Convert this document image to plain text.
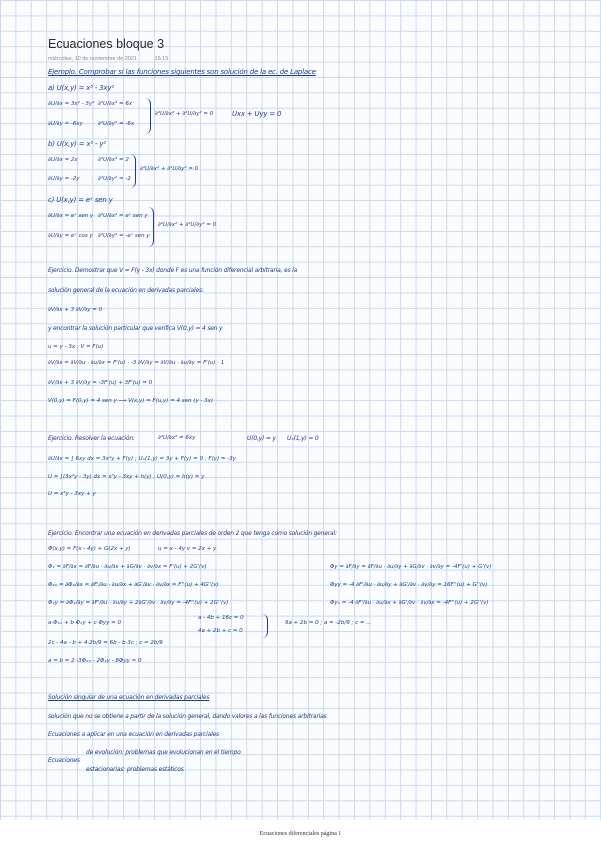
Ecuaciones bloque 3
miércoles, 10 de noviembre de 2021	15:15
Ejemplo. Comprobar si las funciones siguientes son solución de la ec. de Laplace
a) U(x,y) = x³ - 3xy²
∂U/∂x = 3x² - 3y² ∂²U/∂x² = 6x
∂U/∂y = -6xy	∂²U/∂y² = -6x
∂²U/∂x² + ∂²U/∂y² = 0	Uxx + Uyy = 0
b) U(x,y) = x² - y²
∂U/∂x = 2x	∂²U/∂x² = 2
∂U/∂y = -2y	∂²U/∂y² = -2
∂²U/∂x² + ∂²U/∂y² = 0
c) U(x,y) = eˣ sen y
∂U/∂x = eˣ sen y ∂²U/∂x² = eˣ sen y
∂U/∂y = eˣ cos y ∂²U/∂y² = -eˣ sen y
∂²U/∂x² + ∂²U/∂y² = 0
Ejercicio. Demostrar que V = F(y - 3x) donde F es una función diferencial arbitraria, es la
solución general de la ecuación en derivadas parciales:
∂V/∂x + 3 ∂V/∂y = 0
y encontrar la solución particular que verifica V(0,y) = 4 sen y
u = y - 3x ; V = F(u)
∂V/∂x = ∂V/∂u · ∂u/∂x = F'(u) · -3 ∂V/∂y = ∂V/∂u · ∂u/∂y = F'(u) · 1
∂V/∂x + 3 ∂V/∂y = -3F'(u) + 3F'(u) = 0
V(0,y) = F(0,y) = 4 sen y ⟶ V(x,y) = F(u,y) = 4 sen (y - 3x)
Ejercicio. Resolver la ecuación:	∂²U/∂x² = 6xy	U(0,y) = y Uₓ(1,y) = 0
∂U/∂x = ∫ 6xy dx = 3x²y + F(y) ; Uₓ(1,y) = 3y + F(y) = 0 ; F(y) = -3y
U = ∫(3x²y - 3y) dx = x³y - 3xy + h(y) ; U(0,y) = h(y) = y
U = x³y - 3xy + y
Ejercicio. Encontrar una ecuación en derivadas parciales de orden 2 que tenga como solución general:
Φ(x,y) = F(x - 4y) + G(2x + y)	u = x - 4y v = 2x + y
Φₓ = ∂F/∂x = ∂F/∂u · ∂u/∂x + ∂G/∂v · ∂v/∂x = F'(u) + 2G'(v)	Φy = ∂F/∂y = ∂F/∂u · ∂u/∂y + ∂G/∂v · ∂v/∂y = -4F'(u) + G'(v)
Φₓₓ = ∂Φₓ/∂x = ∂F'/∂u · ∂u/∂x + ∂G'/∂v · ∂v/∂x = F''(u) + 4G''(v)	Φyy = -4 ∂F'/∂u · ∂u/∂y + ∂G'/∂v · ∂v/∂y = 16F''(u) + G''(v)
Φₓy = ∂Φₓ/∂y = ∂F'/∂u · ∂u/∂y + 2∂G'/∂v · ∂v/∂y = -4F''(u) + 2G''(v)	Φyₓ = -4 ∂F'/∂u · ∂u/∂x + ∂G'/∂v · ∂v/∂x = -4F''(u) + 2G''(v)
a·Φₓₓ + b·Φₓy + c·Φyy = 0
a - 4b + 16c = 0
4a + 2b + c = 0
9a + 2b = 0 ; a = -2b/9 ; c = ...
2c - 4a - b + 4·2b/9 = 6b - b·3c ; c = 2b/9
a = b = 2 -3Φₓₓ - 2Φₓy - 8Φyy = 0
Solución singular de una ecuación en derivadas parciales
solución que no se obtiene a partir de la solución general, dando valores a las funciones arbitrarias
Ecuaciones a aplicar en una ecuación en derivadas parciales
Ecuaciones
de evolución: problemas que evolucionan en el tiempo
estacionarias: problemas estáticos
Ecuaciones diferenciales página 1
